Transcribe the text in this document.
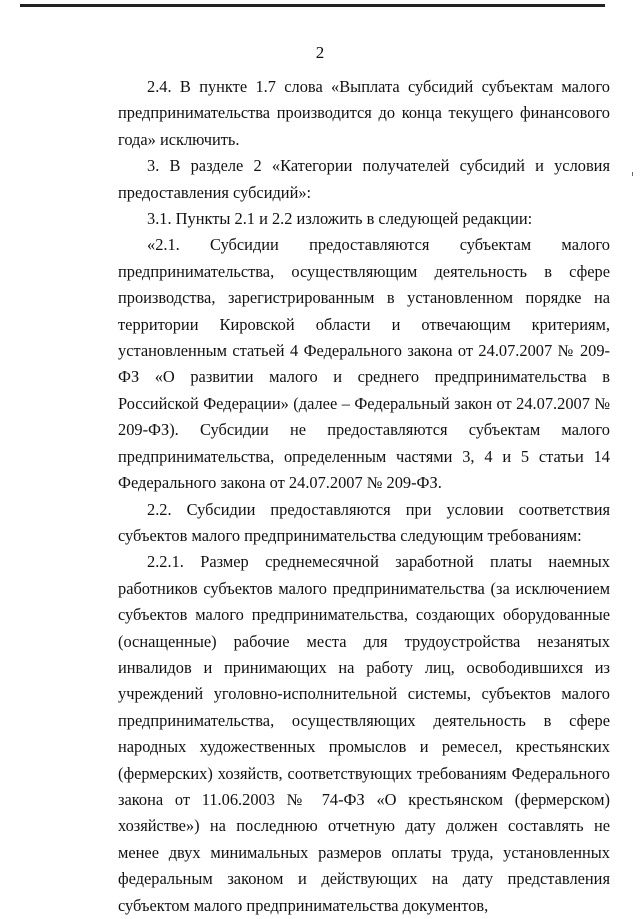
2

2.4. В пункте 1.7 слова «Выплата субсидий субъектам малого предпринимательства производится до конца текущего финансового года» исключить.

3. В разделе 2 «Категории получателей субсидий и условия предоставления субсидий»:

3.1. Пункты 2.1 и 2.2 изложить в следующей редакции:

«2.1. Субсидии предоставляются субъектам малого предпринимательства, осуществляющим деятельность в сфере производства, зарегистрированным в установленном порядке на территории Кировской области и отвечающим критериям, установленным статьей 4 Федерального закона от 24.07.2007 № 209-ФЗ «О развитии малого и среднего предпринимательства в Российской Федерации» (далее – Федеральный закон от 24.07.2007 № 209-ФЗ). Субсидии не предоставляются субъектам малого предпринимательства, определенным частями 3, 4 и 5 статьи 14 Федерального закона от 24.07.2007 № 209-ФЗ.

2.2. Субсидии предоставляются при условии соответствия субъектов малого предпринимательства следующим требованиям:

2.2.1. Размер среднемесячной заработной платы наемных работников субъектов малого предпринимательства (за исключением субъектов малого предпринимательства, создающих оборудованные (оснащенные) рабочие места для трудоустройства незанятых инвалидов и принимающих на работу лиц, освободившихся из учреждений уголовно-исполнительной системы, субъектов малого предпринимательства, осуществляющих деятельность в сфере народных художественных промыслов и ремесел, крестьянских (фермерских) хозяйств, соответствующих требованиям Федерального закона от 11.06.2003 № 74-ФЗ «О крестьянском (фермерском) хозяйстве») на последнюю отчетную дату должен составлять не менее двух минимальных размеров оплаты труда, установленных федеральным законом и действующих на дату представления субъектом малого предпринимательства документов,
